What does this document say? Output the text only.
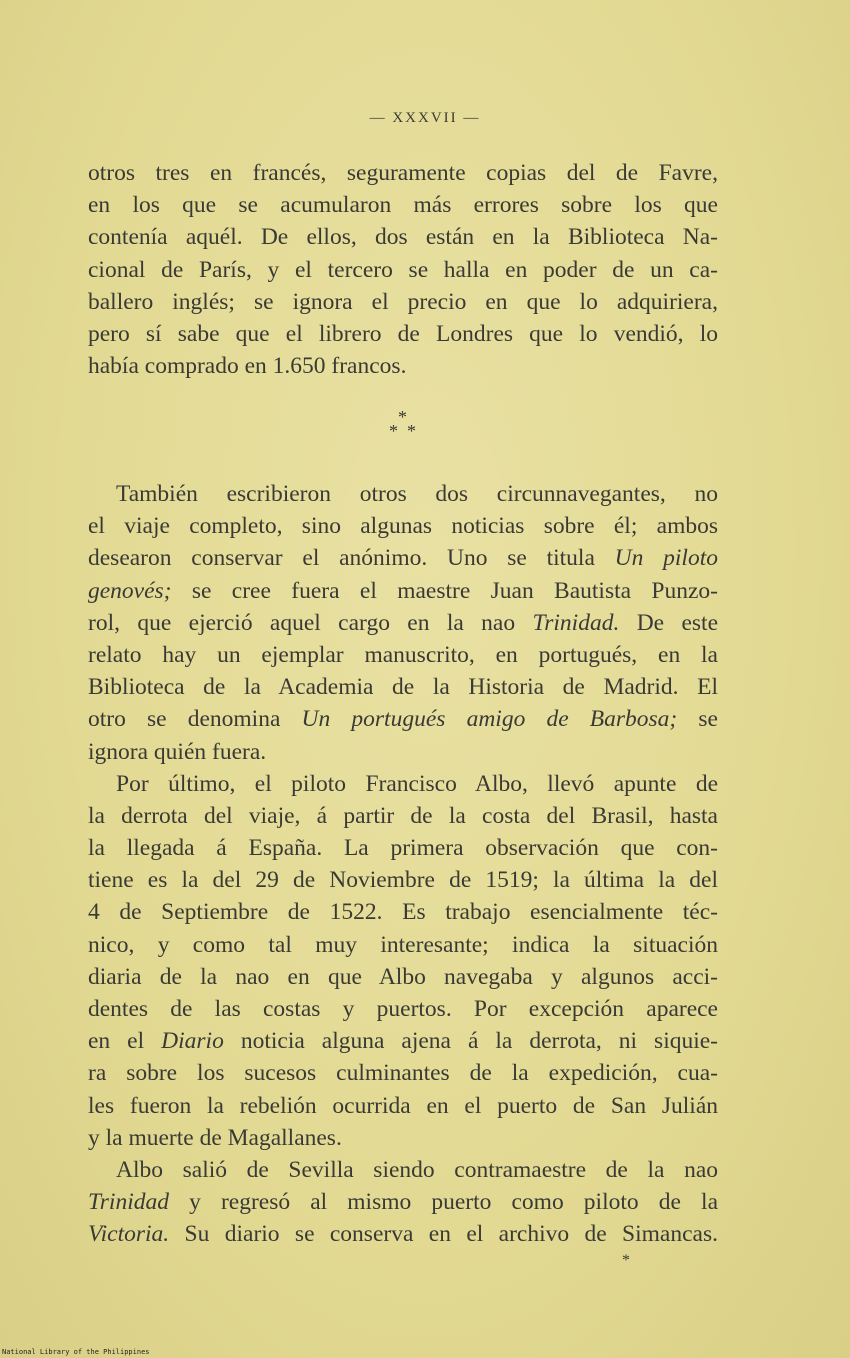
— XXXVII —
otros tres en francés, seguramente copias del de Favre,
en los que se acumularon más errores sobre los que
contenía aquél. De ellos, dos están en la Biblioteca Na-
cional de París, y el tercero se halla en poder de un ca-
ballero inglés; se ignora el precio en que lo adquiriera,
pero sí sabe que el librero de Londres que lo vendió, lo
había comprado en 1.650 francos.
*
* *
También escribieron otros dos circunnavegantes, no
el viaje completo, sino algunas noticias sobre él; ambos
desearon conservar el anónimo. Uno se titula Un piloto
genovés; se cree fuera el maestre Juan Bautista Punzo-
rol, que ejerció aquel cargo en la nao Trinidad. De este
relato hay un ejemplar manuscrito, en portugués, en la
Biblioteca de la Academia de la Historia de Madrid. El
otro se denomina Un portugués amigo de Barbosa; se
ignora quién fuera.
Por último, el piloto Francisco Albo, llevó apunte de
la derrota del viaje, á partir de la costa del Brasil, hasta
la llegada á España. La primera observación que con-
tiene es la del 29 de Noviembre de 1519; la última la del
4 de Septiembre de 1522. Es trabajo esencialmente téc-
nico, y como tal muy interesante; indica la situación
diaria de la nao en que Albo navegaba y algunos acci-
dentes de las costas y puertos. Por excepción aparece
en el Diario noticia alguna ajena á la derrota, ni siquie-
ra sobre los sucesos culminantes de la expedición, cua-
les fueron la rebelión ocurrida en el puerto de San Julián
y la muerte de Magallanes.
Albo salió de Sevilla siendo contramaestre de la nao
Trinidad y regresó al mismo puerto como piloto de la
Victoria. Su diario se conserva en el archivo de Simancas.
*
National Library of the Philippines
